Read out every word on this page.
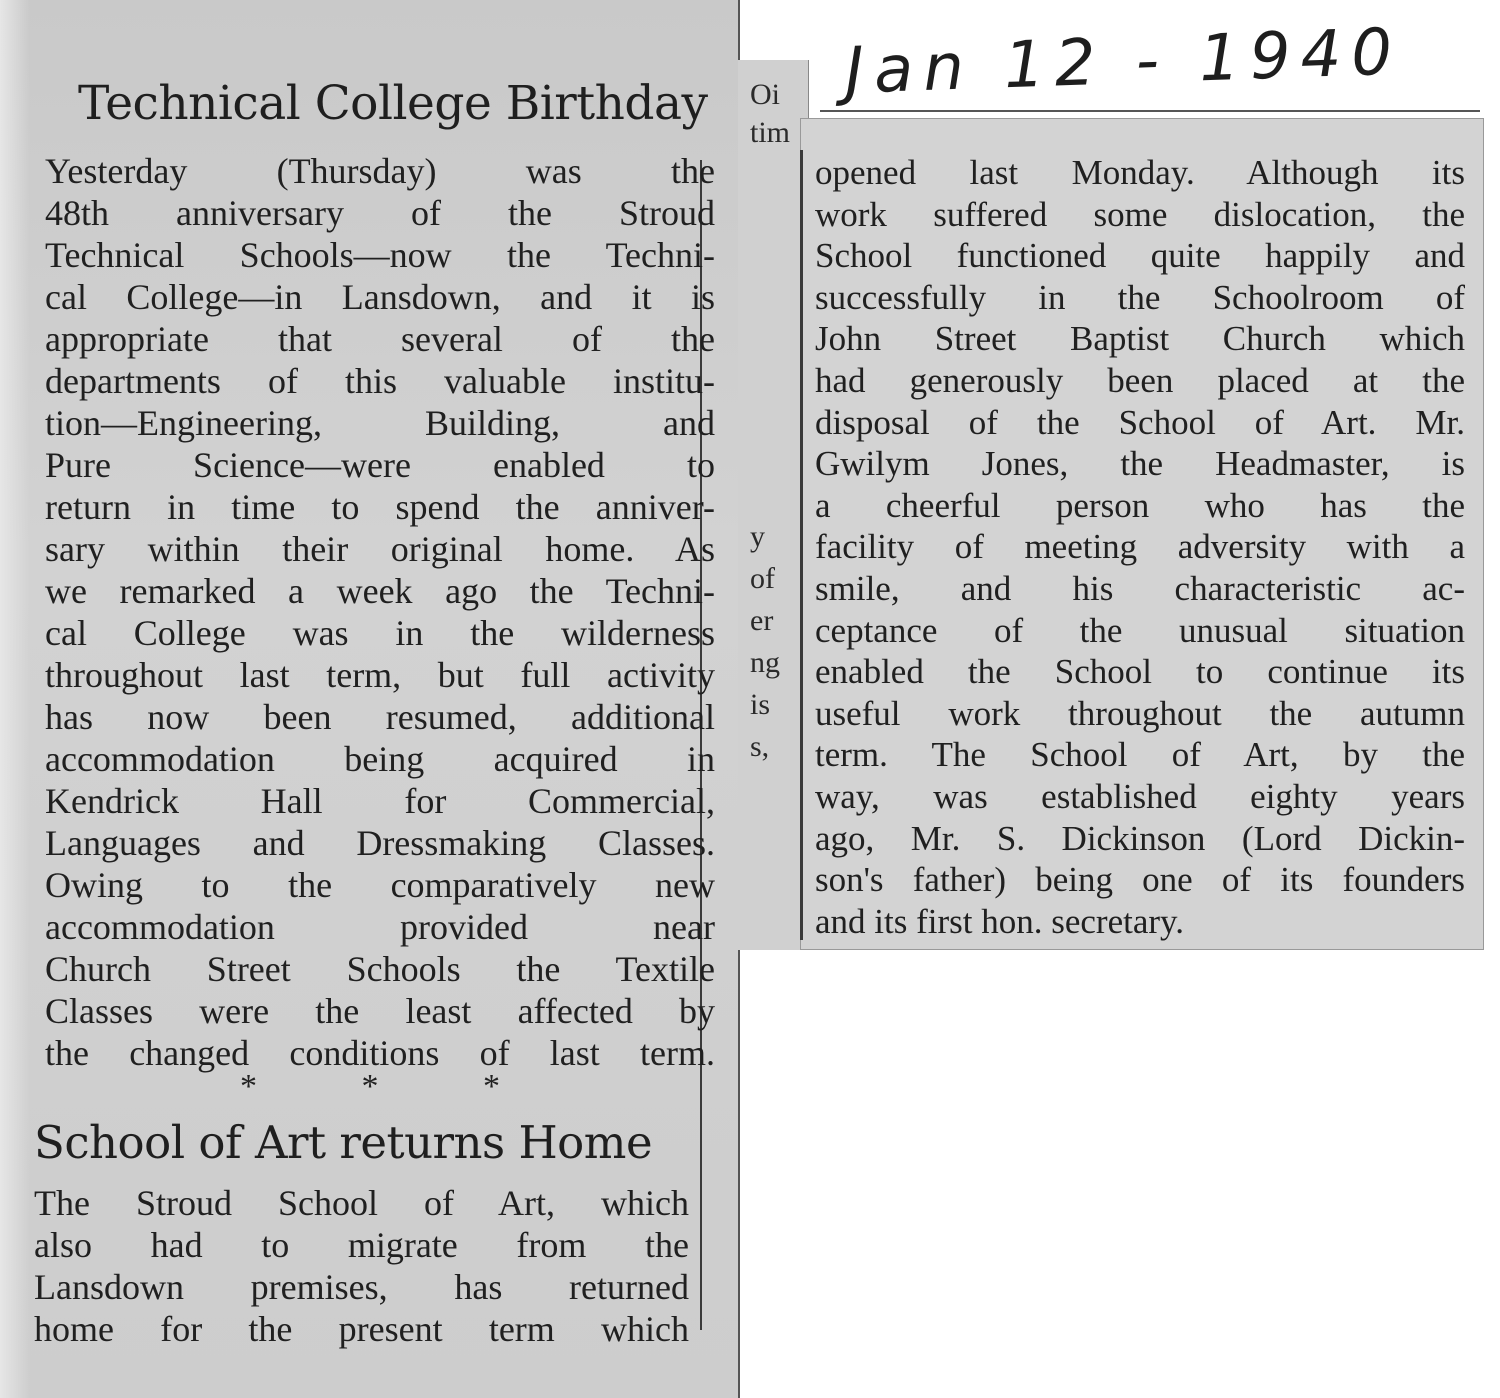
Oi
tim
y
of
er
ng
is
s,
Jan 12 - 1940
Technical College Birthday
Yesterday (Thursday) was the
48th anniversary of the Stroud
Technical Schools—now the Techni-
cal College—in Lansdown, and it is
appropriate that several of the
departments of this valuable institu-
tion—Engineering, Building, and
Pure Science—were enabled to
return in time to spend the anniver-
sary within their original home. As
we remarked a week ago the Techni-
cal College was in the wilderness
throughout last term, but full activity
has now been resumed, additional
accommodation being acquired in
Kendrick Hall for Commercial,
Languages and Dressmaking Classes.
Owing to the comparatively new
accommodation provided near
Church Street Schools the Textile
Classes were the least affected by
the changed conditions of last term.
*	*	*
School of Art returns Home
The Stroud School of Art, which
also had to migrate from the
Lansdown premises, has returned
home for the present term which
opened last Monday. Although its
work suffered some dislocation, the
School functioned quite happily and
successfully in the Schoolroom of
John Street Baptist Church which
had generously been placed at the
disposal of the School of Art. Mr.
Gwilym Jones, the Headmaster, is
a cheerful person who has the
facility of meeting adversity with a
smile, and his characteristic ac-
ceptance of the unusual situation
enabled the School to continue its
useful work throughout the autumn
term. The School of Art, by the
way, was established eighty years
ago, Mr. S. Dickinson (Lord Dickin-
son's father) being one of its founders
and its first hon. secretary.
